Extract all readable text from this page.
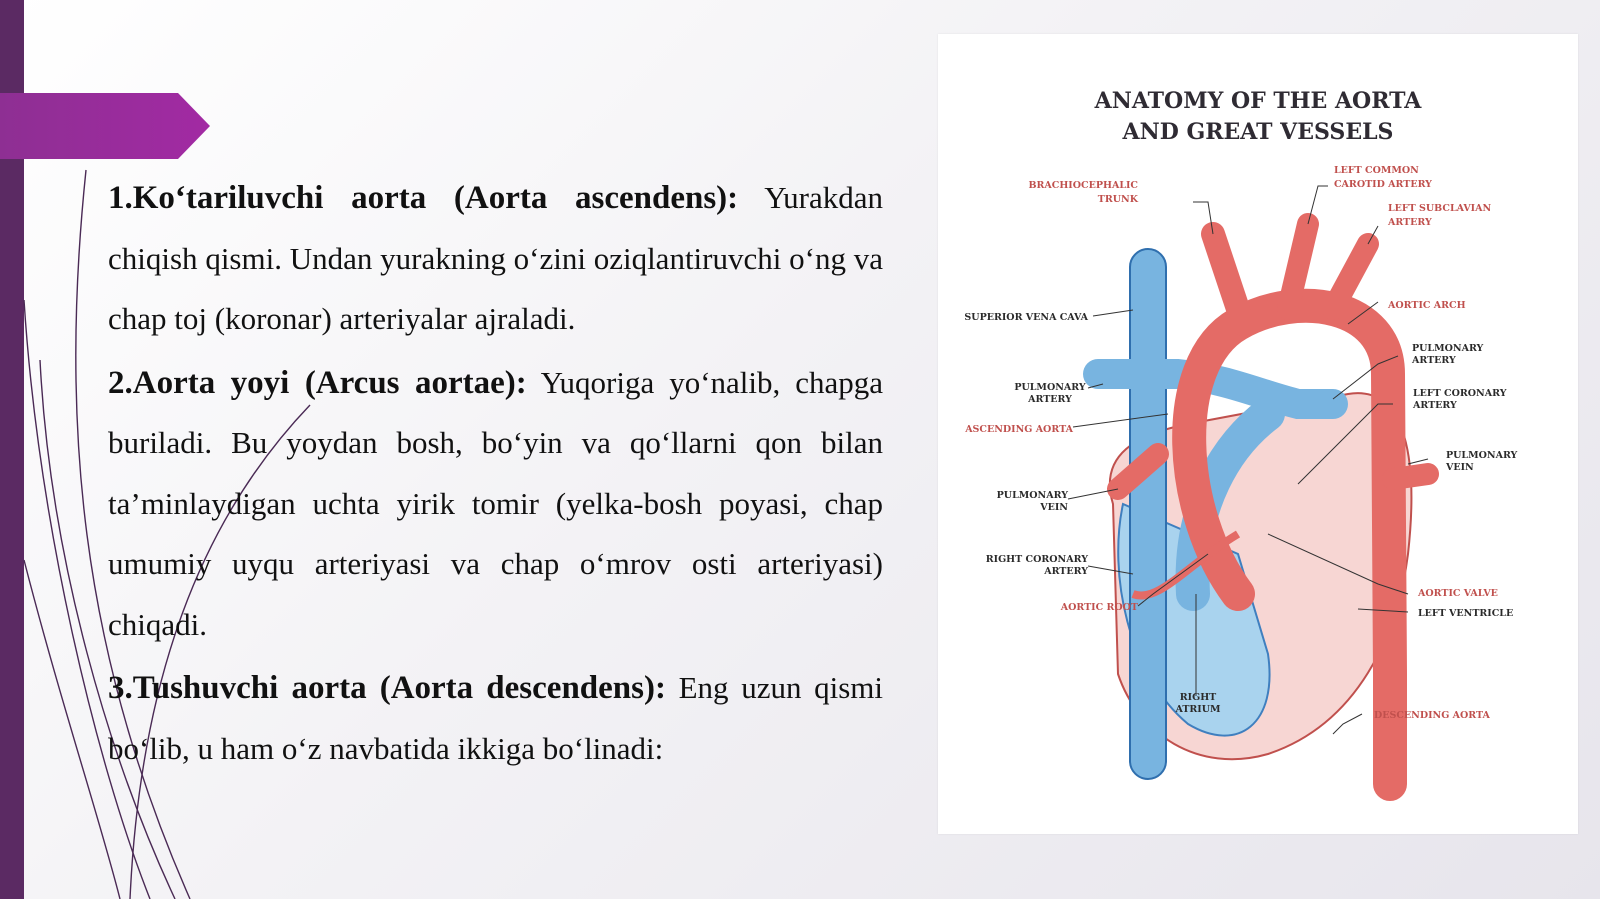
1.Ko‘tariluvchi aorta (Aorta ascendens): Yurakdan chiqish qismi. Undan yurakning o‘zini oziqlantiruvchi o‘ng va chap toj (koronar) arteriyalar ajraladi.

2.Aorta yoyi (Arcus aortae): Yuqoriga yo‘nalib, chapga buriladi. Bu yoydan bosh, bo‘yin va qo‘llarni qon bilan ta’minlaydigan uchta yirik tomir (yelka-bosh poyasi, chap umumiy uyqu arteriyasi va chap o‘mrov osti arteriyasi) chiqadi.

3.Tushuvchi aorta (Aorta descendens): Eng uzun qismi bo‘lib, u ham o‘z navbatida ikkiga bo‘linadi:

ANATOMY OF THE AORTA
AND GREAT VESSELS
BRACHIOCEPHALIC
TRUNK
LEFT COMMON
CAROTID ARTERY
LEFT SUBCLAVIAN
ARTERY
SUPERIOR VENA CAVA
AORTIC ARCH
PULMONARY
ARTERY
PULMONARY
ARTERY
ASCENDING AORTA
LEFT CORONARY
ARTERY
PULMONARY
VEIN
PULMONARY
VEIN
RIGHT CORONARY
ARTERY
AORTIC VALVE
LEFT VENTRICLE
AORTIC ROOT
RIGHT
ATRIUM
DESCENDING AORTA
